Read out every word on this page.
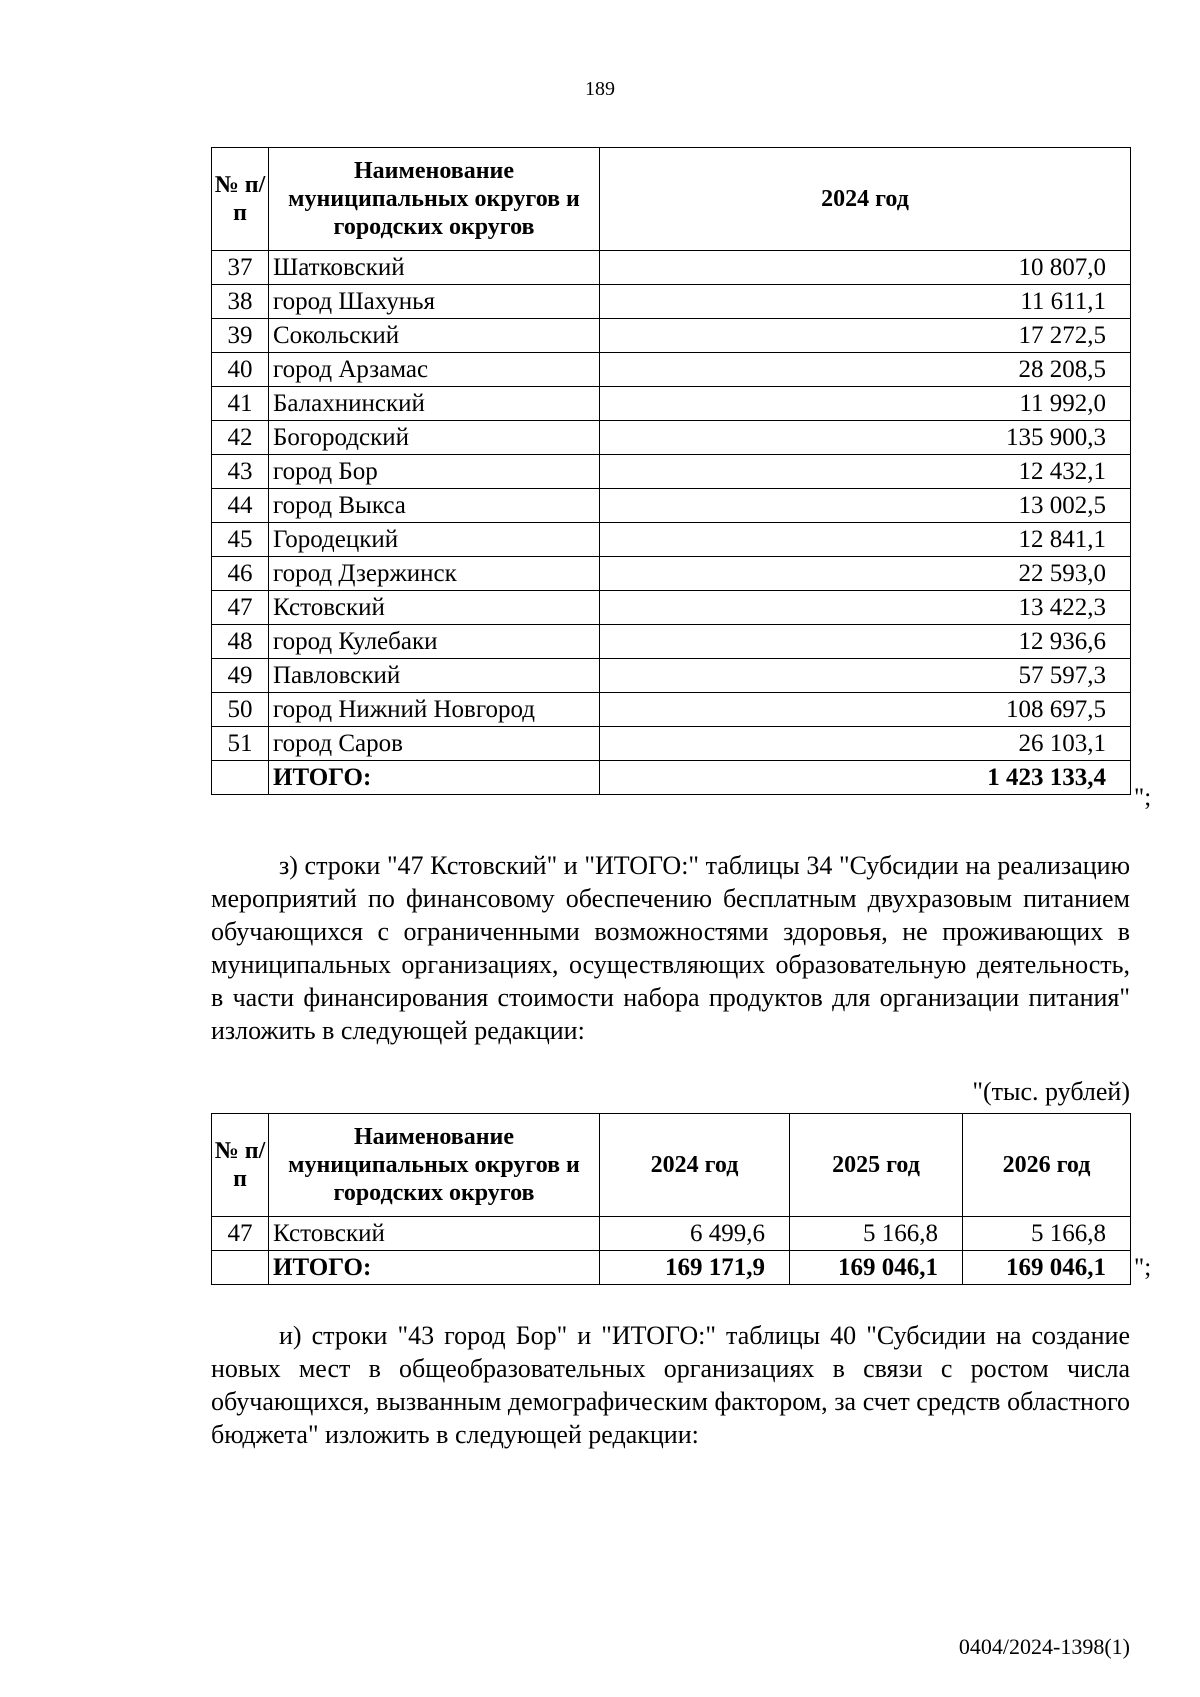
189
№ п/п	Наименование муниципальных округов и городских округов	2024 год
37	Шатковский	10 807,0
38	город Шахунья	11 611,1
39	Сокольский	17 272,5
40	город Арзамас	28 208,5
41	Балахнинский	11 992,0
42	Богородский	135 900,3
43	город Бор	12 432,1
44	город Выкса	13 002,5
45	Городецкий	12 841,1
46	город Дзержинск	22 593,0
47	Кстовский	13 422,3
48	город Кулебаки	12 936,6
49	Павловский	57 597,3
50	город Нижний Новгород	108 697,5
51	город Саров	26 103,1
	ИТОГО:	1 423 133,4
";
з) строки "47 Кстовский" и "ИТОГО:" таблицы 34 "Субсидии на реализацию мероприятий по финансовому обеспечению бесплатным двухразовым питанием обучающихся с ограниченными возможностями здоровья, не проживающих в муниципальных организациях, осуществляющих образовательную деятельность, в части финансирования стоимости набора продуктов для организации питания" изложить в следующей редакции:
"(тыс. рублей)
№ п/п	Наименование муниципальных округов и городских округов	2024 год	2025 год	2026 год
47	Кстовский	6 499,6	5 166,8	5 166,8
	ИТОГО:	169 171,9	169 046,1	169 046,1 ";
и) строки "43 город Бор" и "ИТОГО:" таблицы 40 "Субсидии на создание новых мест в общеобразовательных организациях в связи с ростом числа обучающихся, вызванным демографическим фактором, за счет средств областного бюджета" изложить в следующей редакции:
0404/2024-1398(1)
